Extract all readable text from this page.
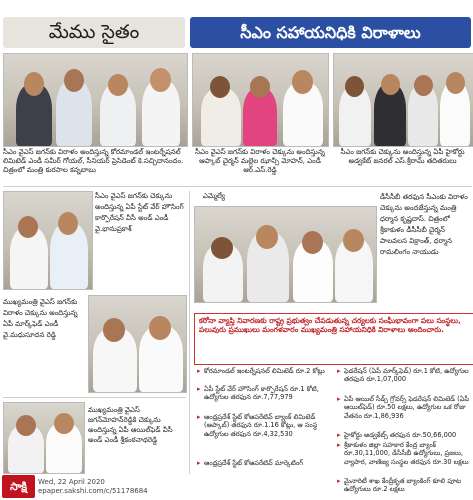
మేము సైతం	సీఎం సహాయనిధికి విరాళాలు
సీఎం వైఎస్ జగన్‌కు విరాళం అందిస్తున్న కోరమాండల్ ఇంటర్నేషనల్ లిమిటెడ్ ఎండీ సమీర్ గోయల్, సీనియర్ ప్రెసిడెంట్ కె.సచ్చిదానందం. చిత్రంలో మంత్రి కురసాల కన్నబాబు
సీఎం వైఎస్ జగన్‌కు విరాళం చెక్కును అందిస్తున్న ఆప్కాబ్ చైర్మన్ మల్లెల ఝాన్సీ మోహన్, ఎండీ ఆర్.ఎస్.రెడ్డి
సీఎం జగన్‌కు చెక్కును అందిస్తున్న ఏపీ హైకోర్టు అడ్వకేట్ జనరల్ ఎస్.శ్రీరామ్ తదితరులు
సీఎం వైఎస్ జగన్‌కు చెక్కును అందిస్తున్న ఏపీ స్టేట్ వేర్ హౌసింగ్ కార్పొరేషన్ వీసీ అండ్ ఎండీ వై.భానుప్రకాశ్
ఎమ్మెల్యే	డీసీసీబీ తరఫున సీఎంకు విరాళం చెక్కును అందజేస్తున్న మంత్రి ధర్మాన కృష్ణదాస్. చిత్రంలో శ్రీకాకుళం డీసీసీబీ చైర్మన్ పాలవలస విక్రాంత్, ధర్మాన రామలింగం నాయుడు
ముఖ్యమంత్రి వైఎస్ జగన్‌కు విరాళం చెక్కును అందిస్తున్న ఏపీ మార్క్‌ఫెడ్ ఎండీ వై.మధుసూదన రెడ్డి
ముఖ్యమంత్రి వైఎస్ జగన్‌మోహన్‌రెడ్డికి చెక్కును అందిస్తున్న ఏపీ ఆయిల్‌ఫెడ్ వీసీ అండ్ ఎండీ శ్రీకంఠనాథరెడ్డి

కరోనా వ్యాప్తి నివారణకు రాష్ట్ర ప్రభుత్వం చేపడుతున్న చర్యలకు సంఘీభావంగా పలు సంస్థలు, పలువురు ప్రముఖులు మంగళవారం ముఖ్యమంత్రి సహాయనిధికి విరాళాలు అందించారు.

▸ కోరమాండల్ ఇంటర్నేషనల్ లిమిటెడ్ రూ.2 కోట్లు
▸ ఏపీ స్టేట్ వేర్ హౌసింగ్ కార్పొరేషన్ రూ.1 కోటి, ఉద్యోగుల తరఫున రూ.7,77,979
▸ ఆంధ్రప్రదేశ్ స్టేట్ కోఆపరేటివ్ బ్యాంక్ లిమిటెడ్ (ఆప్కాబ్) తరఫున రూ.1.16 కోట్లు, ఆ సంస్థ ఉద్యోగుల తరఫున రూ.4,32,530
▸ ఆంధ్రప్రదేశ్ స్టేట్ కోఆపరేటివ్ మార్కెటింగ్
▸ ఫెడరేషన్ (ఏపీ మార్క్‌ఫెడ్) రూ.1 కోటి, ఉద్యోగుల తరఫున రూ.1,07,000
▸ ఏపీ ఆయిల్ సీడ్స్ గ్రోవర్స్ ఫెడరేషన్ లిమిటెడ్ (ఏపీ ఆయిల్‌ఫెడ్) రూ.50 లక్షలు, ఉద్యోగుల ఒక రోజు వేతనం రూ.1,86,936
▸ హైకోర్టు అడ్వకేట్స్ తరఫున రూ.50,66,000
▸ శ్రీకాకుళం జిల్లా సహకార కేంద్ర బ్యాంక్ రూ.30,11,000, డీసీసీబీ ఉద్యోగులు, ప్రజలు, వ్యాపార, వాణిజ్య సంస్థల తరఫున రూ.30 లక్షలు
▸ మైనారిటీ శాఖ కేంద్రీకృత బ్యాంకింగ్ కూలి పూట ఉద్యోగులు రూ.2 లక్షలు
సాక్షి	Wed, 22 April 2020
epaper.sakshi.com/c/51178684
